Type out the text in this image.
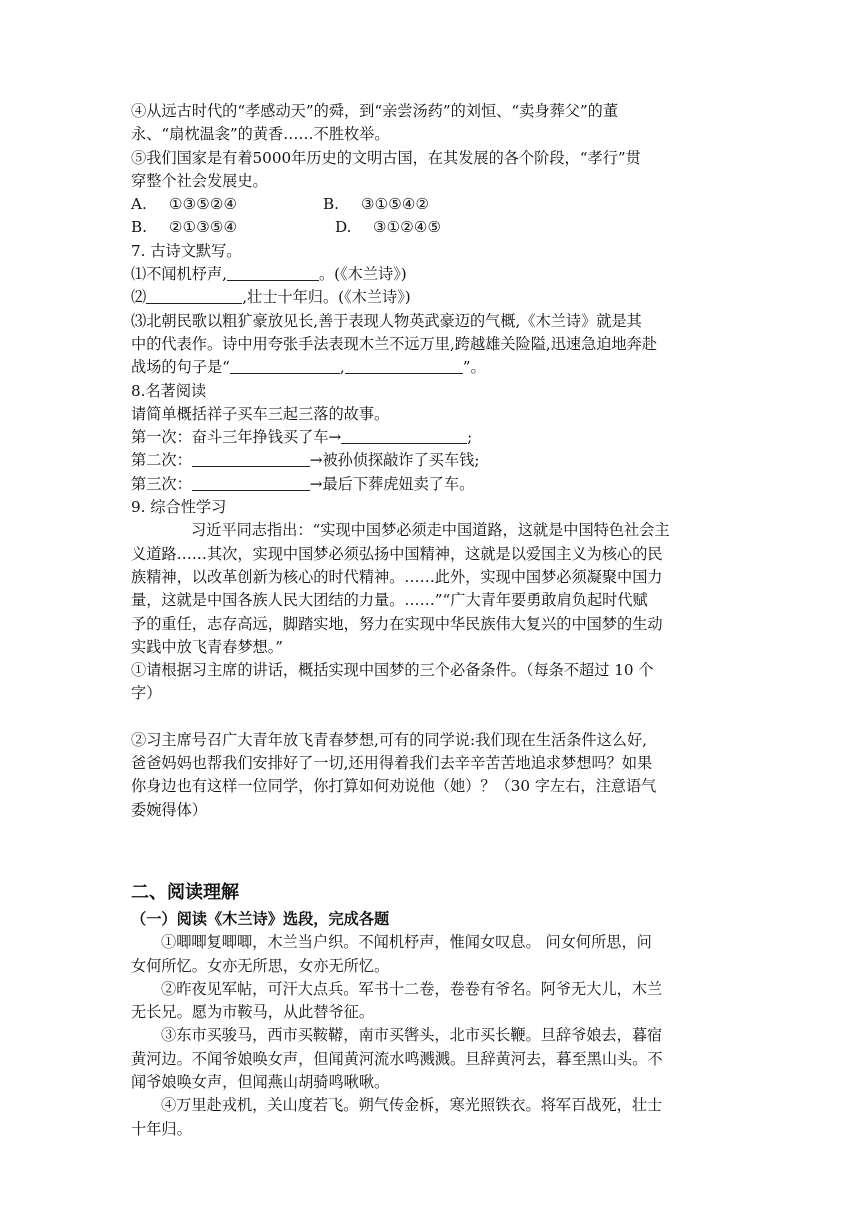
④从远古时代的“孝感动天”的舜，到“亲尝汤药”的刘恒、“卖身葬父”的董
永、“扇枕温衾”的黄香……不胜枚举。
⑤我们国家是有着5000年历史的文明古国，在其发展的各个阶段，“孝行”贯
穿整个社会发展史。
A. ①③⑤②④	B. ③①⑤④②
B. ②①③⑤④	D. ③①②④⑤
7. 古诗文默写。
⑴不闻机杼声,	。(《木兰诗》)
⑵	,壮士十年归。(《木兰诗》)
⑶北朝民歌以粗犷豪放见长,善于表现人物英武豪迈的气概,《木兰诗》就是其
中的代表作。诗中用夸张手法表现木兰不远万里,跨越雄关险隘,迅速急迫地奔赴
战场的句子是“	,	”。
8.名著阅读
请简单概括祥子买车三起三落的故事。
第一次：奋斗三年挣钱买了车→	;
第二次：	→被孙侦探敲诈了买车钱;
第三次：	→最后下葬虎妞卖了车。
9. 综合性学习
习近平同志指出：“实现中国梦必须走中国道路，这就是中国特色社会主
义道路……其次，实现中国梦必须弘扬中国精神，这就是以爱国主义为核心的民
族精神，以改革创新为核心的时代精神。……此外，实现中国梦必须凝聚中国力
量，这就是中国各族人民大团结的力量。……”“广大青年要勇敢肩负起时代赋
予的重任，志存高远，脚踏实地，努力在实现中华民族伟大复兴的中国梦的生动
实践中放飞青春梦想。”
①请根据习主席的讲话，概括实现中国梦的三个必备条件。（每条不超过 10 个
字）
②习主席号召广大青年放飞青春梦想,可有的同学说:我们现在生活条件这么好,
爸爸妈妈也帮我们安排好了一切,还用得着我们去辛辛苦苦地追求梦想吗？如果
你身边也有这样一位同学，你打算如何劝说他（她）？（30 字左右，注意语气
委婉得体）
二、阅读理解
（一）阅读《木兰诗》选段，完成各题
①唧唧复唧唧，木兰当户织。不闻机杼声，惟闻女叹息。 问女何所思，问
女何所忆。女亦无所思，女亦无所忆。
②昨夜见军帖，可汗大点兵。军书十二卷，卷卷有爷名。阿爷无大儿，木兰
无长兄。愿为市鞍马，从此替爷征。
③东市买骏马，西市买鞍鞯，南市买辔头，北市买长鞭。旦辞爷娘去，暮宿
黄河边。不闻爷娘唤女声，但闻黄河流水鸣溅溅。旦辞黄河去，暮至黑山头。不
闻爷娘唤女声，但闻燕山胡骑鸣啾啾。
④万里赴戎机，关山度若飞。朔气传金柝，寒光照铁衣。将军百战死，壮士
十年归。
